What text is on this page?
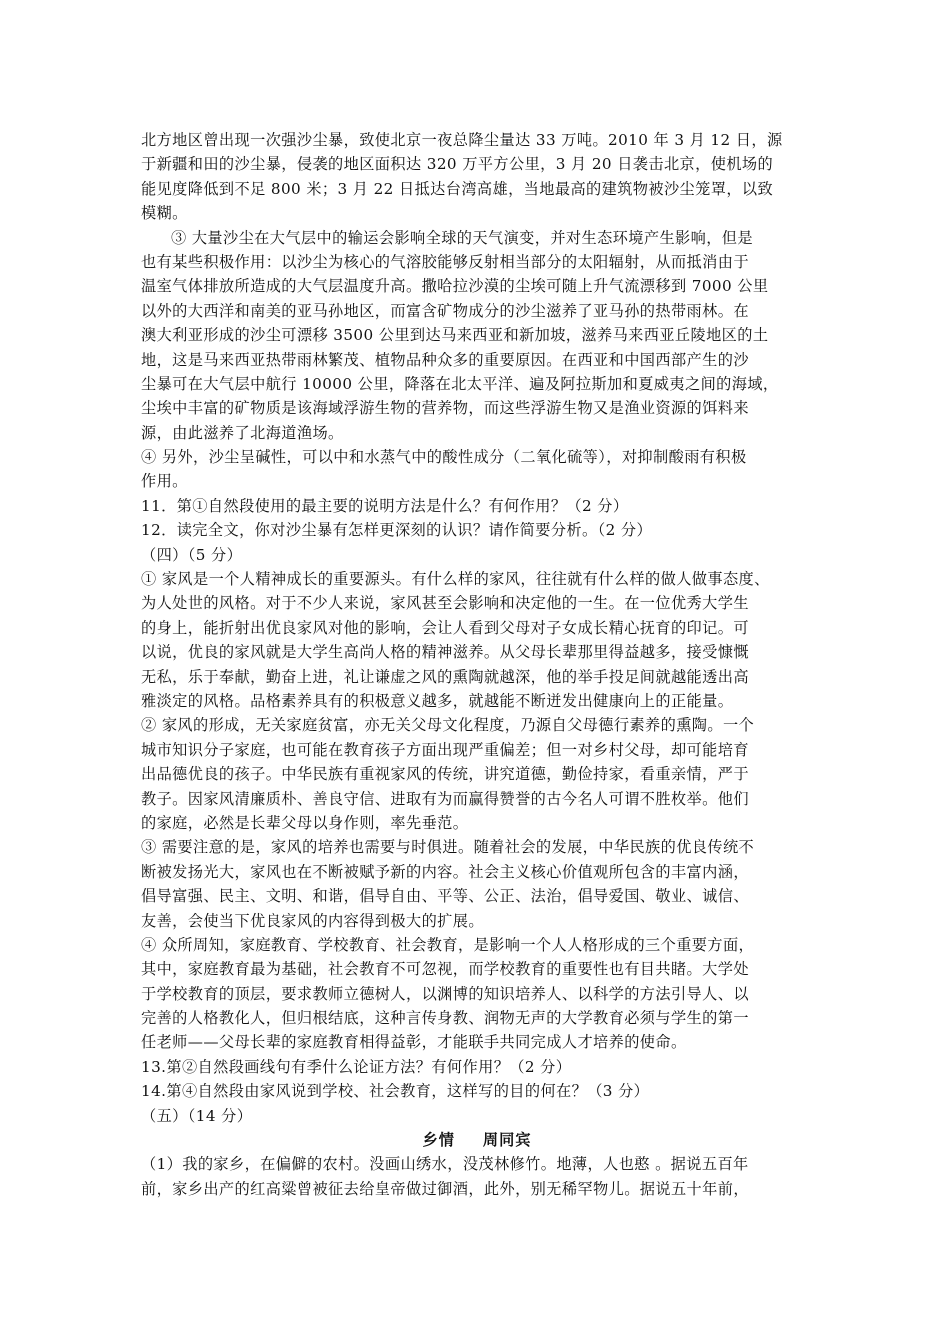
北方地区曾出现一次强沙尘暴，致使北京一夜总降尘量达 33 万吨。2010 年 3 月 12 日，源
于新疆和田的沙尘暴，侵袭的地区面积达 320 万平方公里，3 月 20 日袭击北京，使机场的
能见度降低到不足 800 米；3 月 22 日抵达台湾高雄，当地最高的建筑物被沙尘笼罩，以致
模糊。
③ 大量沙尘在大气层中的输运会影响全球的天气演变，并对生态环境产生影响，但是
也有某些积极作用：以沙尘为核心的气溶胶能够反射相当部分的太阳辐射，从而抵消由于
温室气体排放所造成的大气层温度升高。撒哈拉沙漠的尘埃可随上升气流漂移到 7000 公里
以外的大西洋和南美的亚马孙地区，而富含矿物成分的沙尘滋养了亚马孙的热带雨林。在
澳大利亚形成的沙尘可漂移 3500 公里到达马来西亚和新加坡，滋养马来西亚丘陵地区的土
地，这是马来西亚热带雨林繁茂、植物品种众多的重要原因。在西亚和中国西部产生的沙
尘暴可在大气层中航行 10000 公里，降落在北太平洋、遍及阿拉斯加和夏威夷之间的海域，
尘埃中丰富的矿物质是该海域浮游生物的营养物，而这些浮游生物又是渔业资源的饵料来
源，由此滋养了北海道渔场。
④ 另外，沙尘呈碱性，可以中和水蒸气中的酸性成分（二氧化硫等），对抑制酸雨有积极
作用。
11．第①自然段使用的最主要的说明方法是什么？有何作用？（2 分）
12．读完全文，你对沙尘暴有怎样更深刻的认识？请作简要分析。（2 分）
（四）（5 分）
① 家风是一个人精神成长的重要源头。有什么样的家风，往往就有什么样的做人做事态度、
为人处世的风格。对于不少人来说，家风甚至会影响和决定他的一生。在一位优秀大学生
的身上，能折射出优良家风对他的影响，会让人看到父母对子女成长精心抚育的印记。可
以说，优良的家风就是大学生高尚人格的精神滋养。从父母长辈那里得益越多，接受慷慨
无私，乐于奉献，勤奋上进，礼让谦虚之风的熏陶就越深，他的举手投足间就越能透出高
雅淡定的风格。品格素养具有的积极意义越多，就越能不断迸发出健康向上的正能量。
② 家风的形成，无关家庭贫富，亦无关父母文化程度，乃源自父母德行素养的熏陶。一个
城市知识分子家庭，也可能在教育孩子方面出现严重偏差；但一对乡村父母，却可能培育
出品德优良的孩子。中华民族有重视家风的传统，讲究道德，勤俭持家，看重亲情，严于
教子。因家风清廉质朴、善良守信、进取有为而赢得赞誉的古今名人可谓不胜枚举。他们
的家庭，必然是长辈父母以身作则，率先垂范。
③ 需要注意的是，家风的培养也需要与时俱进。随着社会的发展，中华民族的优良传统不
断被发扬光大，家风也在不断被赋予新的内容。社会主义核心价值观所包含的丰富内涵，
倡导富强、民主、文明、和谐，倡导自由、平等、公正、法治，倡导爱国、敬业、诚信、
友善，会使当下优良家风的内容得到极大的扩展。
④ 众所周知，家庭教育、学校教育、社会教育，是影响一个人人格形成的三个重要方面，
其中，家庭教育最为基础，社会教育不可忽视，而学校教育的重要性也有目共睹。大学处
于学校教育的顶层，要求教师立德树人，以渊博的知识培养人、以科学的方法引导人、以
完善的人格教化人，但归根结底，这种言传身教、润物无声的大学教育必须与学生的第一
任老师——父母长辈的家庭教育相得益彰，才能联手共同完成人才培养的使命。
13.第②自然段画线句有季什么论证方法？有何作用？（2 分）
14.第④自然段由家风说到学校、社会教育，这样写的目的何在？（3 分）
（五）（14 分）
乡情 周同宾
（1）我的家乡，在偏僻的农村。没画山绣水，没茂林修竹。地薄，人也憨 。据说五百年
前，家乡出产的红高粱曾被征去给皇帝做过御酒，此外，别无稀罕物儿。据说五十年前，
